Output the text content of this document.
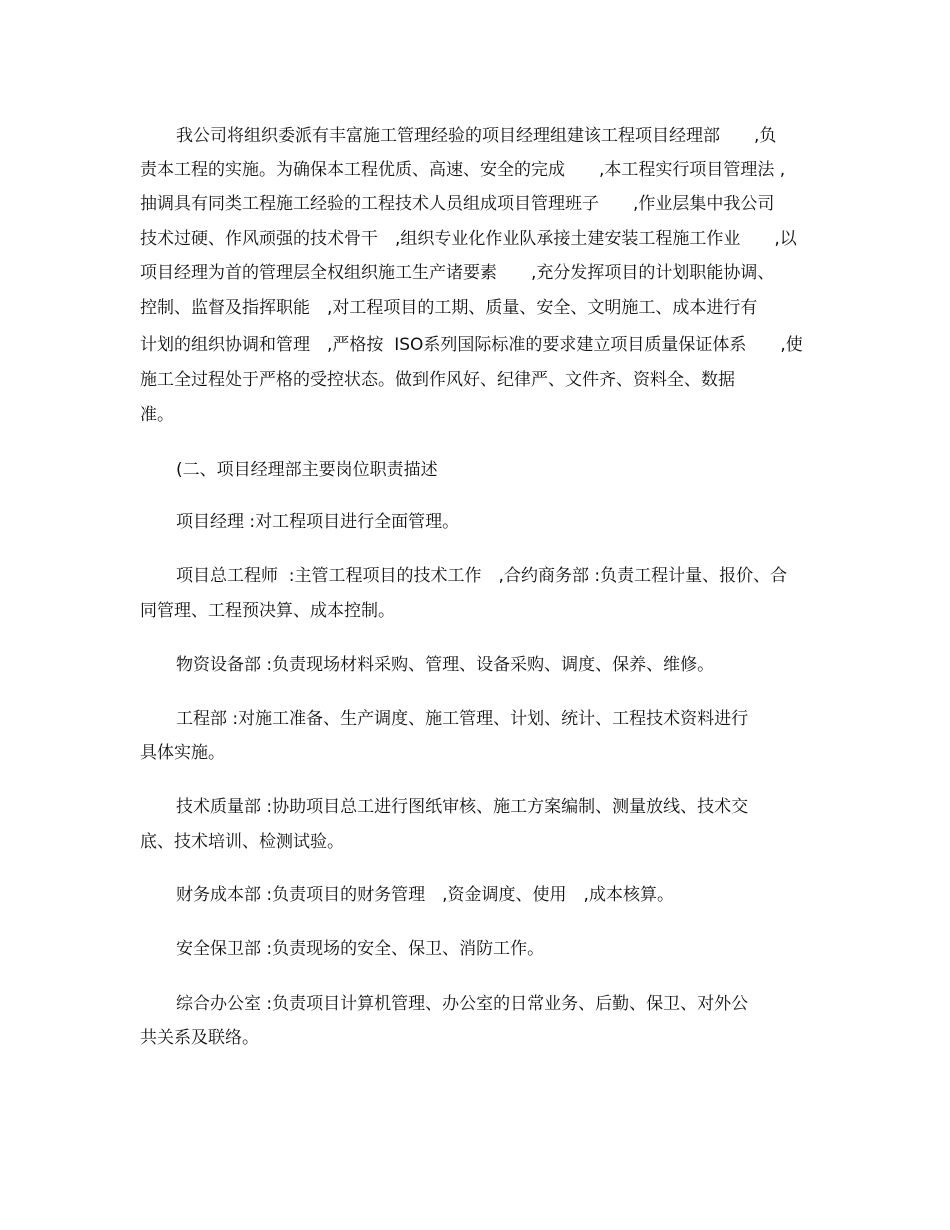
我公司将组织委派有丰富施工管理经验的项目经理组建该工程项目经理部　　,负
责本工程的实施。为确保本工程优质、高速、安全的完成　　,本工程实行项目管理法 ,
抽调具有同类工程施工经验的工程技术人员组成项目管理班子　　,作业层集中我公司
技术过硬、作风顽强的技术骨干　,组织专业化作业队承接土建安装工程施工作业　　,以
项目经理为首的管理层全权组织施工生产诸要素　　,充分发挥项目的计划职能协调、
控制、监督及指挥职能　,对工程项目的工期、质量、安全、文明施工、成本进行有
计划的组织协调和管理　,严格按  ISO系列国际标准的要求建立项目质量保证体系　　,使
施工全过程处于严格的受控状态。做到作风好、纪律严、文件齐、资料全、数据
准。
(二、项目经理部主要岗位职责描述
项目经理 :对工程项目进行全面管理。
项目总工程师  :主管工程项目的技术工作　,合约商务部 :负责工程计量、报价、合
同管理、工程预决算、成本控制。
物资设备部 :负责现场材料采购、管理、设备采购、调度、保养、维修。
工程部 :对施工准备、生产调度、施工管理、计划、统计、工程技术资料进行
具体实施。
技术质量部 :协助项目总工进行图纸审核、施工方案编制、测量放线、技术交
底、技术培训、检测试验。
财务成本部 :负责项目的财务管理　,资金调度、使用　,成本核算。
安全保卫部 :负责现场的安全、保卫、消防工作。
综合办公室 :负责项目计算机管理、办公室的日常业务、后勤、保卫、对外公
共关系及联络。
